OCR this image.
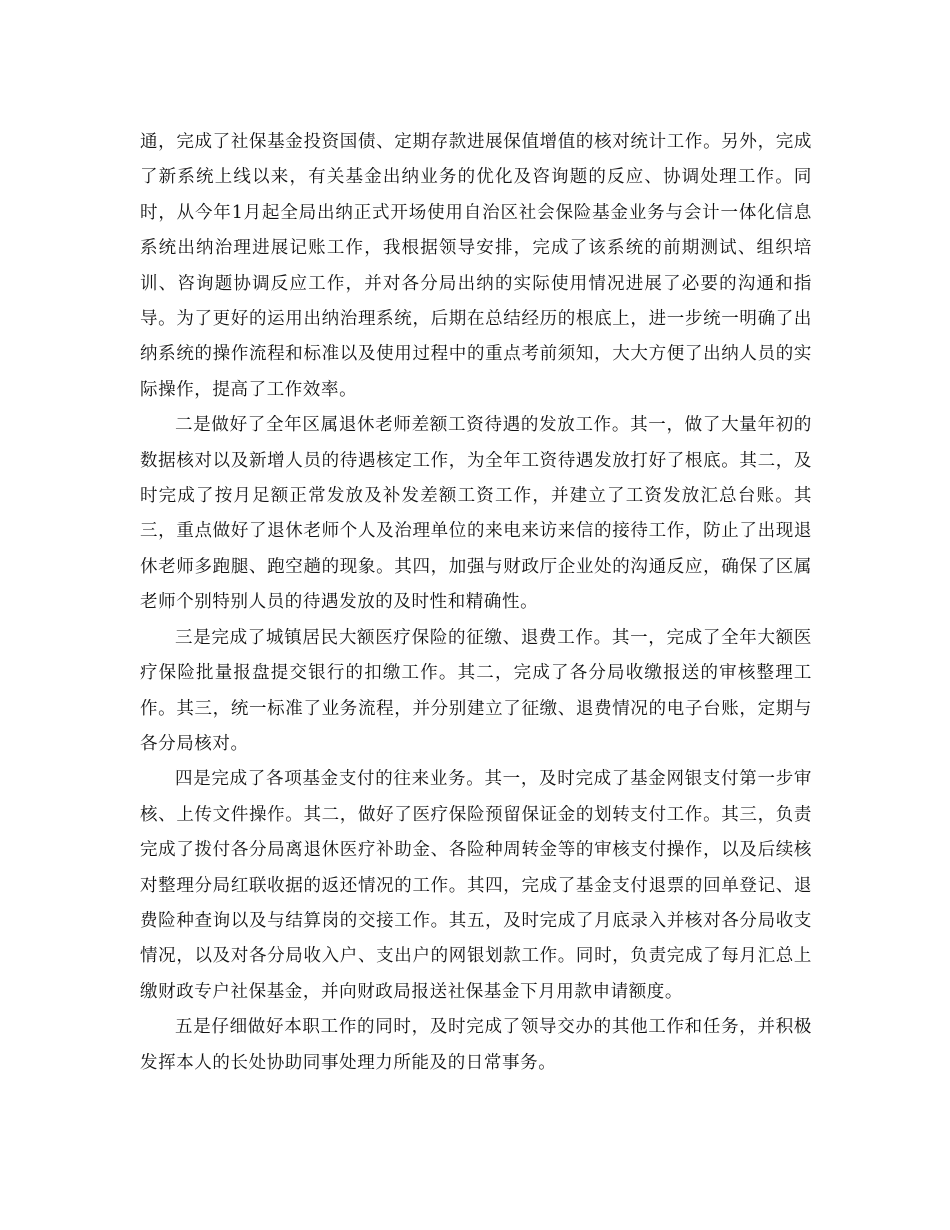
通，完成了社保基金投资国债、定期存款进展保值增值的核对统计工作。另外，完成了新系统上线以来，有关基金出纳业务的优化及咨询题的反应、协调处理工作。同时，从今年1月起全局出纳正式开场使用自治区社会保险基金业务与会计一体化信息系统出纳治理进展记账工作，我根据领导安排，完成了该系统的前期测试、组织培训、咨询题协调反应工作，并对各分局出纳的实际使用情况进展了必要的沟通和指导。为了更好的运用出纳治理系统，后期在总结经历的根底上，进一步统一明确了出纳系统的操作流程和标准以及使用过程中的重点考前须知，大大方便了出纳人员的实际操作，提高了工作效率。

二是做好了全年区属退休老师差额工资待遇的发放工作。其一，做了大量年初的数据核对以及新增人员的待遇核定工作，为全年工资待遇发放打好了根底。其二，及时完成了按月足额正常发放及补发差额工资工作，并建立了工资发放汇总台账。其三，重点做好了退休老师个人及治理单位的来电来访来信的接待工作，防止了出现退休老师多跑腿、跑空趟的现象。其四，加强与财政厅企业处的沟通反应，确保了区属老师个别特别人员的待遇发放的及时性和精确性。

三是完成了城镇居民大额医疗保险的征缴、退费工作。其一，完成了全年大额医疗保险批量报盘提交银行的扣缴工作。其二，完成了各分局收缴报送的审核整理工作。其三，统一标准了业务流程，并分别建立了征缴、退费情况的电子台账，定期与各分局核对。

四是完成了各项基金支付的往来业务。其一，及时完成了基金网银支付第一步审核、上传文件操作。其二，做好了医疗保险预留保证金的划转支付工作。其三，负责完成了拨付各分局离退休医疗补助金、各险种周转金等的审核支付操作，以及后续核对整理分局红联收据的返还情况的工作。其四，完成了基金支付退票的回单登记、退费险种查询以及与结算岗的交接工作。其五，及时完成了月底录入并核对各分局收支情况，以及对各分局收入户、支出户的网银划款工作。同时，负责完成了每月汇总上缴财政专户社保基金，并向财政局报送社保基金下月用款申请额度。

五是仔细做好本职工作的同时，及时完成了领导交办的其他工作和任务，并积极发挥本人的长处协助同事处理力所能及的日常事务。
